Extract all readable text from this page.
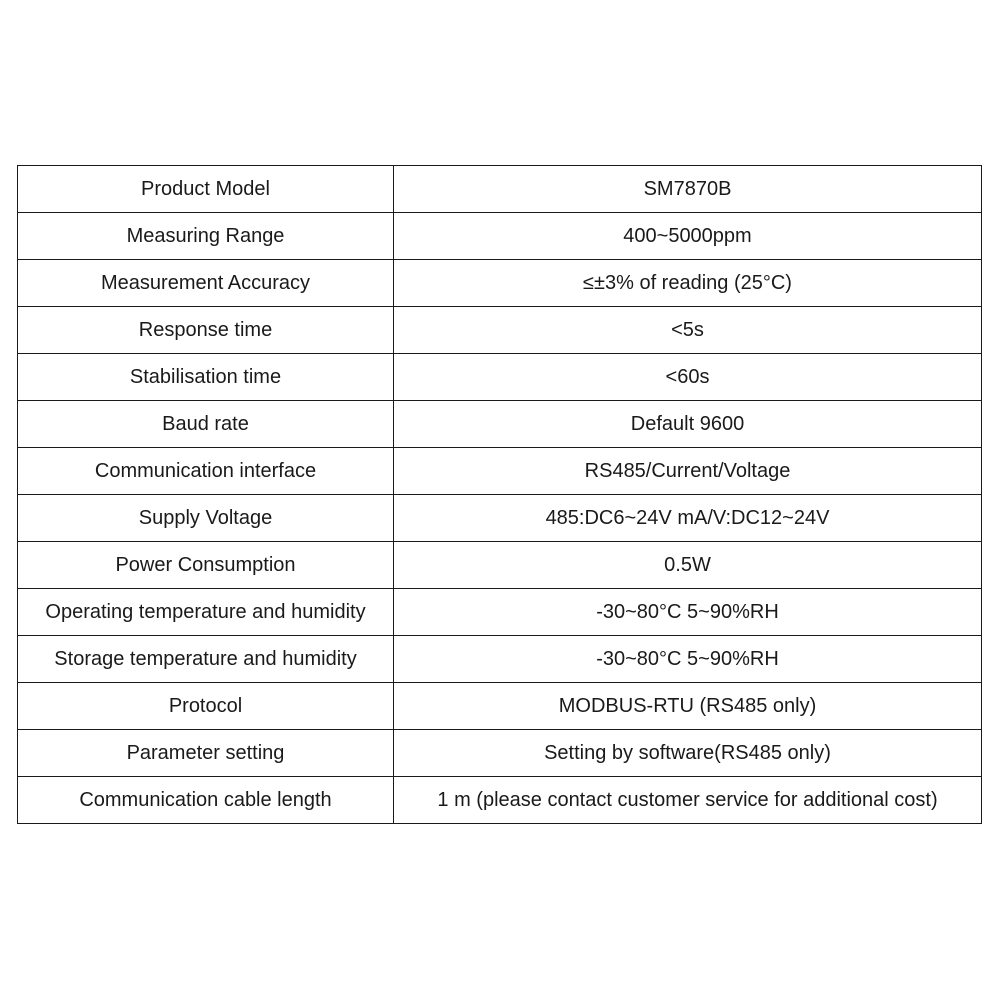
Product Model	SM7870B
Measuring Range	400~5000ppm
Measurement Accuracy	≤±3% of reading (25°C)
Response time	<5s
Stabilisation time	<60s
Baud rate	Default 9600
Communication interface	RS485/Current/Voltage
Supply Voltage	485:DC6~24V mA/V:DC12~24V
Power Consumption	0.5W
Operating temperature and humidity	-30~80°C 5~90%RH
Storage temperature and humidity	-30~80°C 5~90%RH
Protocol	MODBUS-RTU (RS485 only)
Parameter setting	Setting by software(RS485 only)
Communication cable length	1 m (please contact customer service for additional cost)
